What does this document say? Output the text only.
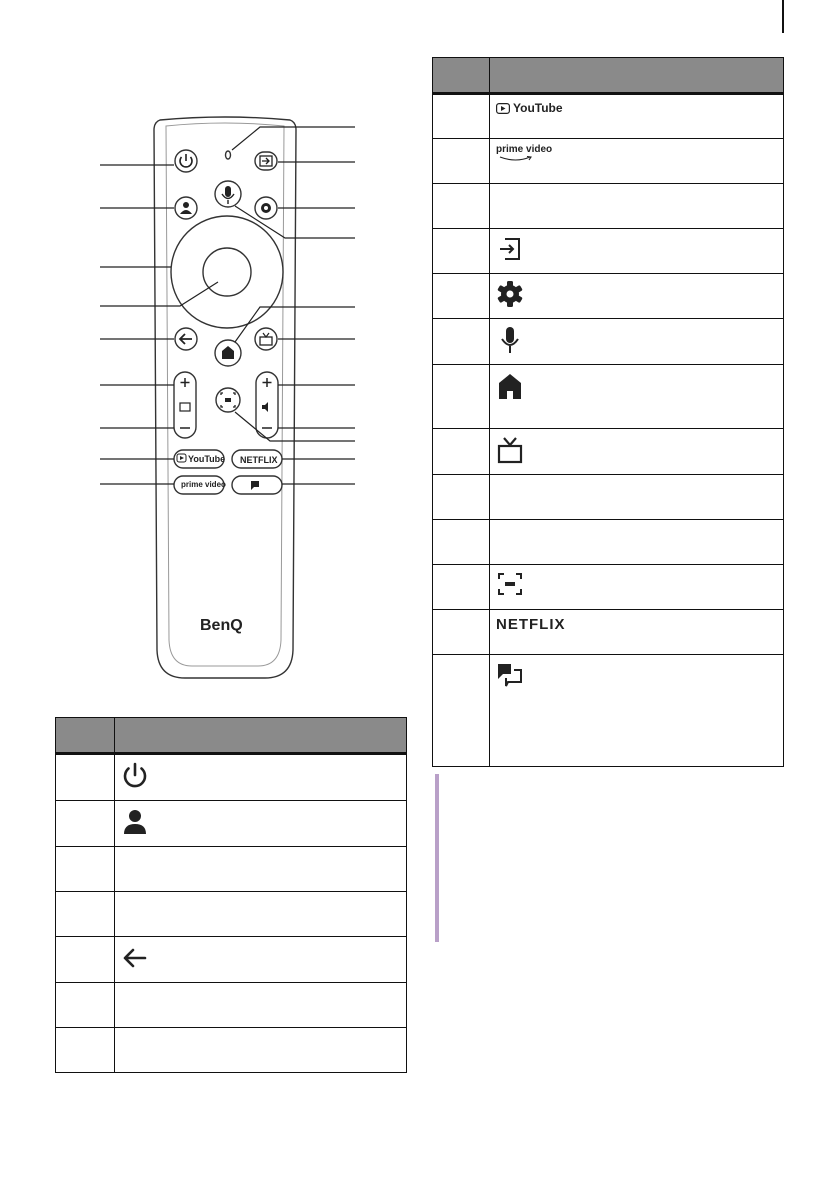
YouTube NETFLIX
prime video
BenQ

	YouTube

	prime video

	NETFLIX
